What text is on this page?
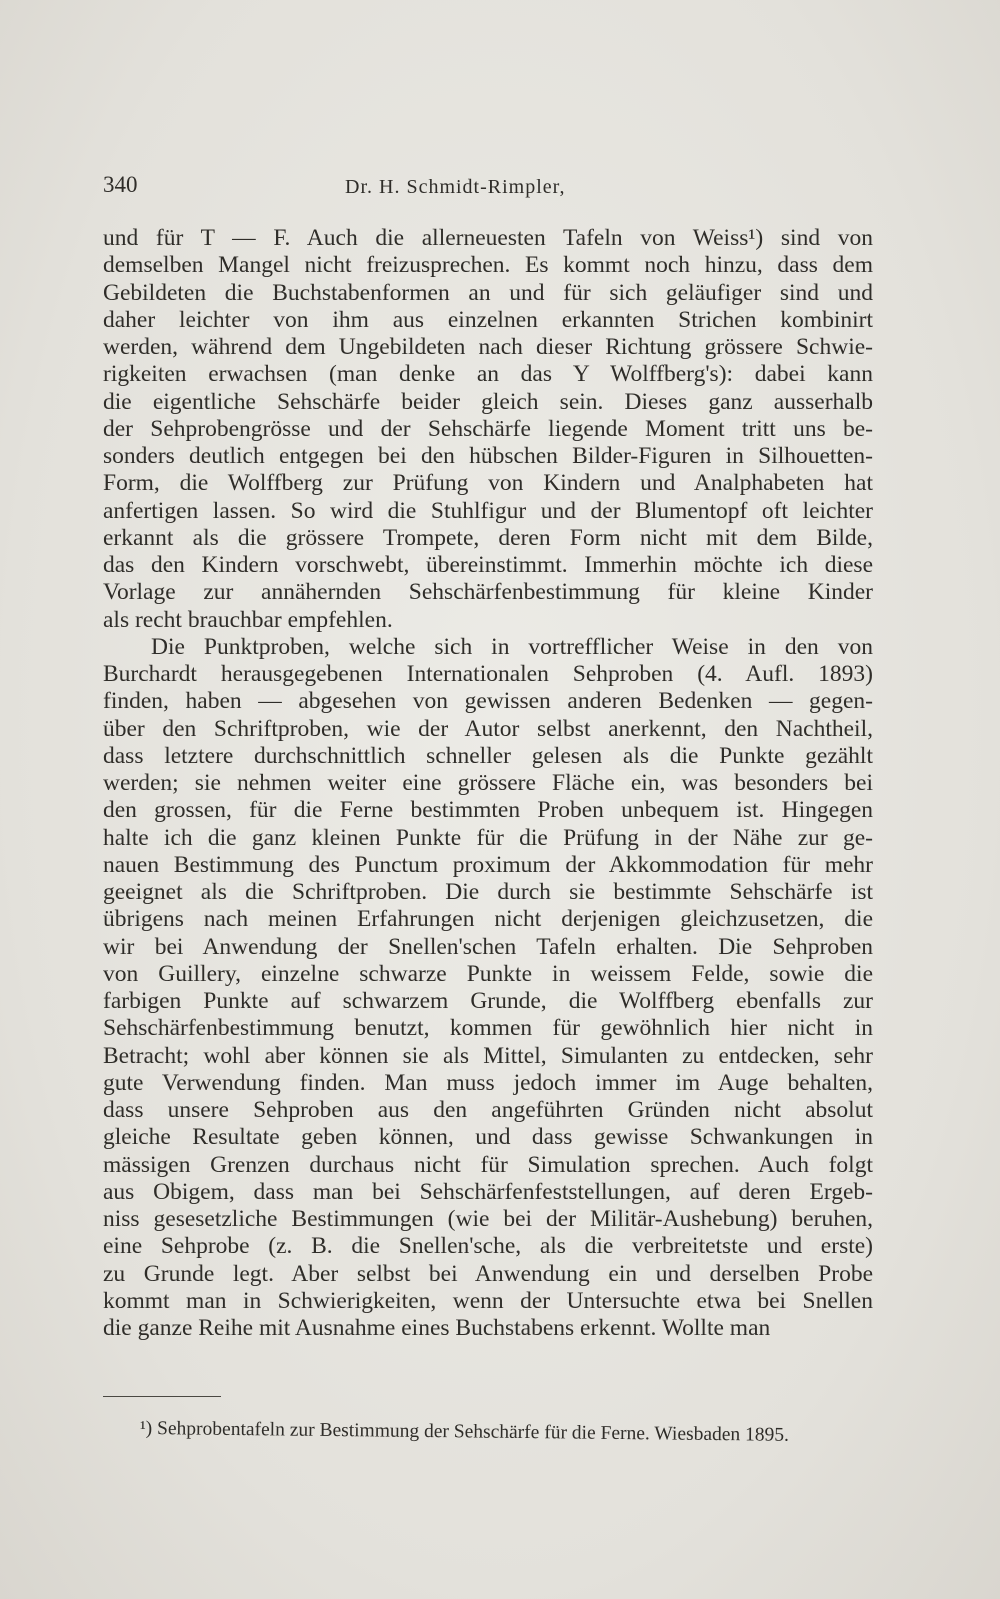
340	Dr. H. Schmidt-Rimpler,
und für T — F. Auch die allerneuesten Tafeln von Weiss¹) sind von
demselben Mangel nicht freizusprechen. Es kommt noch hinzu, dass dem
Gebildeten die Buchstabenformen an und für sich geläufiger sind und
daher leichter von ihm aus einzelnen erkannten Strichen kombinirt
werden, während dem Ungebildeten nach dieser Richtung grössere Schwie-
rigkeiten erwachsen (man denke an das Y Wolffberg's): dabei kann
die eigentliche Sehschärfe beider gleich sein. Dieses ganz ausserhalb
der Sehprobengrösse und der Sehschärfe liegende Moment tritt uns be-
sonders deutlich entgegen bei den hübschen Bilder-Figuren in Silhouetten-
Form, die Wolffberg zur Prüfung von Kindern und Analphabeten hat
anfertigen lassen. So wird die Stuhlfigur und der Blumentopf oft leichter
erkannt als die grössere Trompete, deren Form nicht mit dem Bilde,
das den Kindern vorschwebt, übereinstimmt. Immerhin möchte ich diese
Vorlage zur annähernden Sehschärfenbestimmung für kleine Kinder
als recht brauchbar empfehlen.
Die Punktproben, welche sich in vortrefflicher Weise in den von
Burchardt herausgegebenen Internationalen Sehproben (4. Aufl. 1893)
finden, haben — abgesehen von gewissen anderen Bedenken — gegen-
über den Schriftproben, wie der Autor selbst anerkennt, den Nachtheil,
dass letztere durchschnittlich schneller gelesen als die Punkte gezählt
werden; sie nehmen weiter eine grössere Fläche ein, was besonders bei
den grossen, für die Ferne bestimmten Proben unbequem ist. Hingegen
halte ich die ganz kleinen Punkte für die Prüfung in der Nähe zur ge-
nauen Bestimmung des Punctum proximum der Akkommodation für mehr
geeignet als die Schriftproben. Die durch sie bestimmte Sehschärfe ist
übrigens nach meinen Erfahrungen nicht derjenigen gleichzusetzen, die
wir bei Anwendung der Snellen'schen Tafeln erhalten. Die Sehproben
von Guillery, einzelne schwarze Punkte in weissem Felde, sowie die
farbigen Punkte auf schwarzem Grunde, die Wolffberg ebenfalls zur
Sehschärfenbestimmung benutzt, kommen für gewöhnlich hier nicht in
Betracht; wohl aber können sie als Mittel, Simulanten zu entdecken, sehr
gute Verwendung finden. Man muss jedoch immer im Auge behalten,
dass unsere Sehproben aus den angeführten Gründen nicht absolut
gleiche Resultate geben können, und dass gewisse Schwankungen in
mässigen Grenzen durchaus nicht für Simulation sprechen. Auch folgt
aus Obigem, dass man bei Sehschärfenfeststellungen, auf deren Ergeb-
niss gesesetzliche Bestimmungen (wie bei der Militär-Aushebung) beruhen,
eine Sehprobe (z. B. die Snellen'sche, als die verbreitetste und erste)
zu Grunde legt. Aber selbst bei Anwendung ein und derselben Probe
kommt man in Schwierigkeiten, wenn der Untersuchte etwa bei Snellen
die ganze Reihe mit Ausnahme eines Buchstabens erkennt. Wollte man
¹) Sehprobentafeln zur Bestimmung der Sehschärfe für die Ferne. Wiesbaden 1895.
